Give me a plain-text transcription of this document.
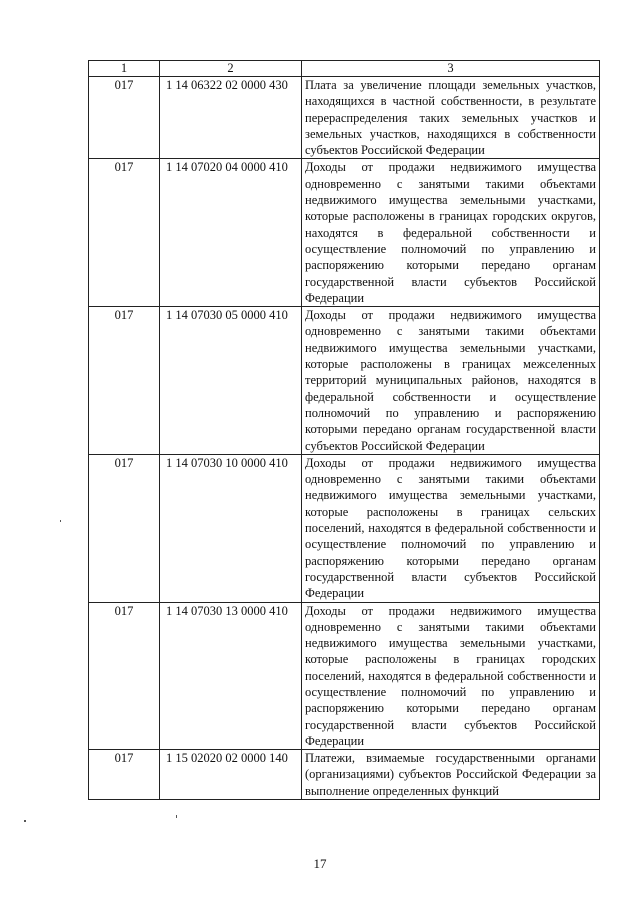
1	2	3
017	1 14 06322 02 0000 430	Плата за увеличение площади земельных участков, находящихся в частной собственности, в результате перераспределения таких земельных участков и земельных участков, находящихся в собственности субъектов Российской Федерации
017	1 14 07020 04 0000 410	Доходы от продажи недвижимого имущества одновременно с занятыми такими объектами недвижимого имущества земельными участками, которые расположены в границах городских округов, находятся в федеральной собственности и осуществление полномочий по управлению и распоряжению которыми передано органам государственной власти субъектов Российской Федерации
017	1 14 07030 05 0000 410	Доходы от продажи недвижимого имущества одновременно с занятыми такими объектами недвижимого имущества земельными участками, которые расположены в границах межселенных территорий муниципальных районов, находятся в федеральной собственности и осуществление полномочий по управлению и распоряжению которыми передано органам государственной власти субъектов Российской Федерации
017	1 14 07030 10 0000 410	Доходы от продажи недвижимого имущества одновременно с занятыми такими объектами недвижимого имущества земельными участками, которые расположены в границах сельских поселений, находятся в федеральной собственности и осуществление полномочий по управлению и распоряжению которыми передано органам государственной власти субъектов Российской Федерации
017	1 14 07030 13 0000 410	Доходы от продажи недвижимого имущества одновременно с занятыми такими объектами недвижимого имущества земельными участками, которые расположены в границах городских поселений, находятся в федеральной собственности и осуществление полномочий по управлению и распоряжению которыми передано органам государственной власти субъектов Российской Федерации
017	1 15 02020 02 0000 140	Платежи, взимаемые государственными органами (организациями) субъектов Российской Федерации за выполнение определенных функций
17
